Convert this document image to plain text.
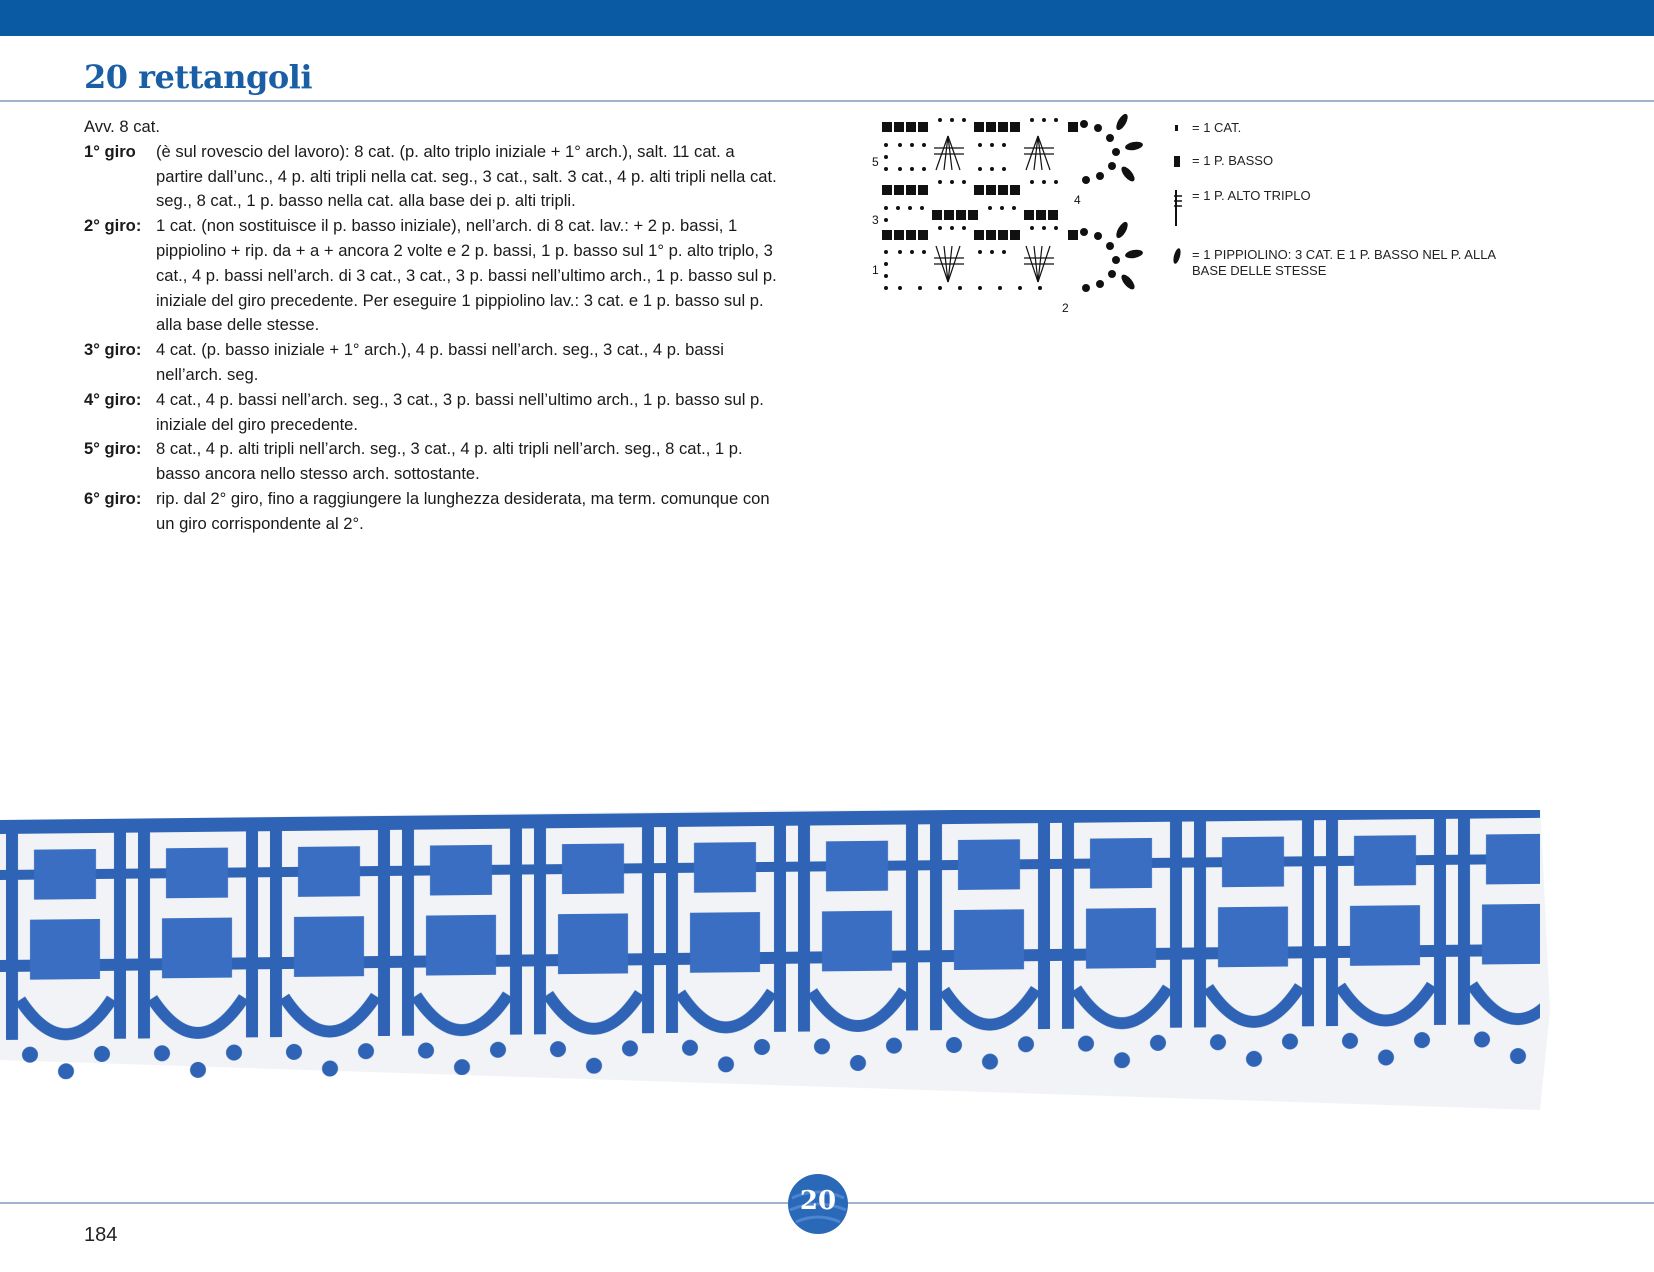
20 rettangoli

Avv. 8 cat.

1° giro	(è sul rovescio del lavoro): 8 cat. (p. alto triplo iniziale + 1° arch.), salt. 11 cat. a partire dall’unc., 4 p. alti tripli nella cat. seg., 3 cat., salt. 3 cat., 4 p. alti tripli nella cat. seg., 8 cat., 1 p. basso nella cat. alla base dei p. alti tripli.
2° giro: 1 cat. (non sostituisce il p. basso iniziale), nell’arch. di 8 cat. lav.: + 2 p. bassi, 1 pippiolino + rip. da + a + ancora 2 volte e 2 p. bassi, 1 p. basso sul 1° p. alto triplo, 3 cat., 4 p. bassi nell’arch. di 3 cat., 3 cat., 3 p. bassi nell’ultimo arch., 1 p. basso sul p. iniziale del giro precedente. Per eseguire 1 pippiolino lav.: 3 cat. e 1 p. basso sul p. alla base delle stesse.
3° giro: 4 cat. (p. basso iniziale + 1° arch.), 4 p. bassi nell’arch. seg., 3 cat., 4 p. bassi nell’arch. seg.
4° giro: 4 cat., 4 p. bassi nell’arch. seg., 3 cat., 3 p. bassi nell’ultimo arch., 1 p. basso sul p. iniziale del giro precedente.
5° giro: 8 cat., 4 p. alti tripli nell’arch. seg., 3 cat., 4 p. alti tripli nell’arch. seg., 8 cat., 1 p. basso ancora nello stesso arch. sottostante.
6° giro: rip. dal 2° giro, fino a raggiungere la lunghezza desiderata, ma term. comunque con un giro corrispondente al 2°.
5
3
1
4
2
= 1 CAT.
= 1 P. BASSO
= 1 P. ALTO TRIPLO
= 1 PIPPIOLINO: 3 CAT. E 1 P. BASSO NEL P. ALLA BASE DELLE STESSE
184
20
